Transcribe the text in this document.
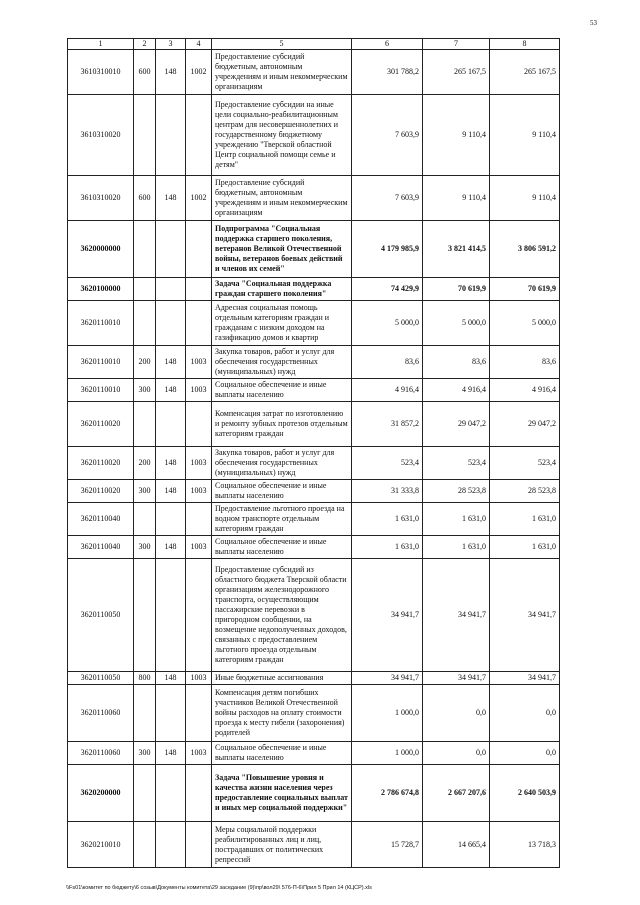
53
1	2	3	4	5	6	7	8
3610310010	600	148	1002	Предоставление субсидий бюджетным, автономным учреждениям и иным некоммерческим организациям	301 788,2	265 167,5	265 167,5
3610310020				Предоставление субсидии на иные цели социально-реабилитационным центрам для несовершеннолетних и государственному бюджетному учреждению "Тверской областной Центр социальной помощи семье и детям"	7 603,9	9 110,4	9 110,4
3610310020	600	148	1002	Предоставление субсидий бюджетным, автономным учреждениям и иным некоммерческим организациям	7 603,9	9 110,4	9 110,4
3620000000				Подпрограмма "Социальная поддержка старшего поколения, ветеранов Великой Отечественной войны, ветеранов боевых действий и членов их семей"	4 179 985,9	3 821 414,5	3 806 591,2
3620100000				Задача "Социальная поддержка граждан старшего поколения"	74 429,9	70 619,9	70 619,9
3620110010				Адресная социальная помощь отдельным категориям граждан и гражданам с низким доходом на газификацию домов и квартир	5 000,0	5 000,0	5 000,0
3620110010	200	148	1003	Закупка товаров, работ и услуг для обеспечения государственных (муниципальных) нужд	83,6	83,6	83,6
3620110010	300	148	1003	Социальное обеспечение и иные выплаты населению	4 916,4	4 916,4	4 916,4
3620110020				Компенсация затрат по изготовлению и ремонту зубных протезов отдельным категориям граждан	31 857,2	29 047,2	29 047,2
3620110020	200	148	1003	Закупка товаров, работ и услуг для обеспечения государственных (муниципальных) нужд	523,4	523,4	523,4
3620110020	300	148	1003	Социальное обеспечение и иные выплаты населению	31 333,8	28 523,8	28 523,8
3620110040				Предоставление льготного проезда на водном транспорте отдельным категориям граждан	1 631,0	1 631,0	1 631,0
3620110040	300	148	1003	Социальное обеспечение и иные выплаты населению	1 631,0	1 631,0	1 631,0
3620110050				Предоставление субсидий из областного бюджета Тверской области организациям железнодорожного транспорта, осуществляющим пассажирские перевозки в пригородном сообщении, на возмещение недополученных доходов, связанных с предоставлением льготного проезда отдельным категориям граждан	34 941,7	34 941,7	34 941,7
3620110050	800	148	1003	Иные бюджетные ассигнования	34 941,7	34 941,7	34 941,7
3620110060				Компенсация детям погибших участников Великой Отечественной войны расходов на оплату стоимости проезда к месту гибели (захоронения) родителей	1 000,0	0,0	0,0
3620110060	300	148	1003	Социальное обеспечение и иные выплаты населению	1 000,0	0,0	0,0
3620200000				Задача "Повышение уровня и качества жизни населения через предоставление социальных выплат и иных мер социальной поддержки"	2 786 674,8	2 667 207,6	2 640 503,9
3620210010				Меры социальной поддержки реабилитированных лиц и лиц, пострадавших от политических репрессий	15 728,7	14 665,4	13 718,3
\\Fs01\комитет по бюджету\6 созыв\Документы комитета\29 заседание (9)\пр\вол29\ 576-П-6\Прил 5 Прил 14 (КЦСР).xls
